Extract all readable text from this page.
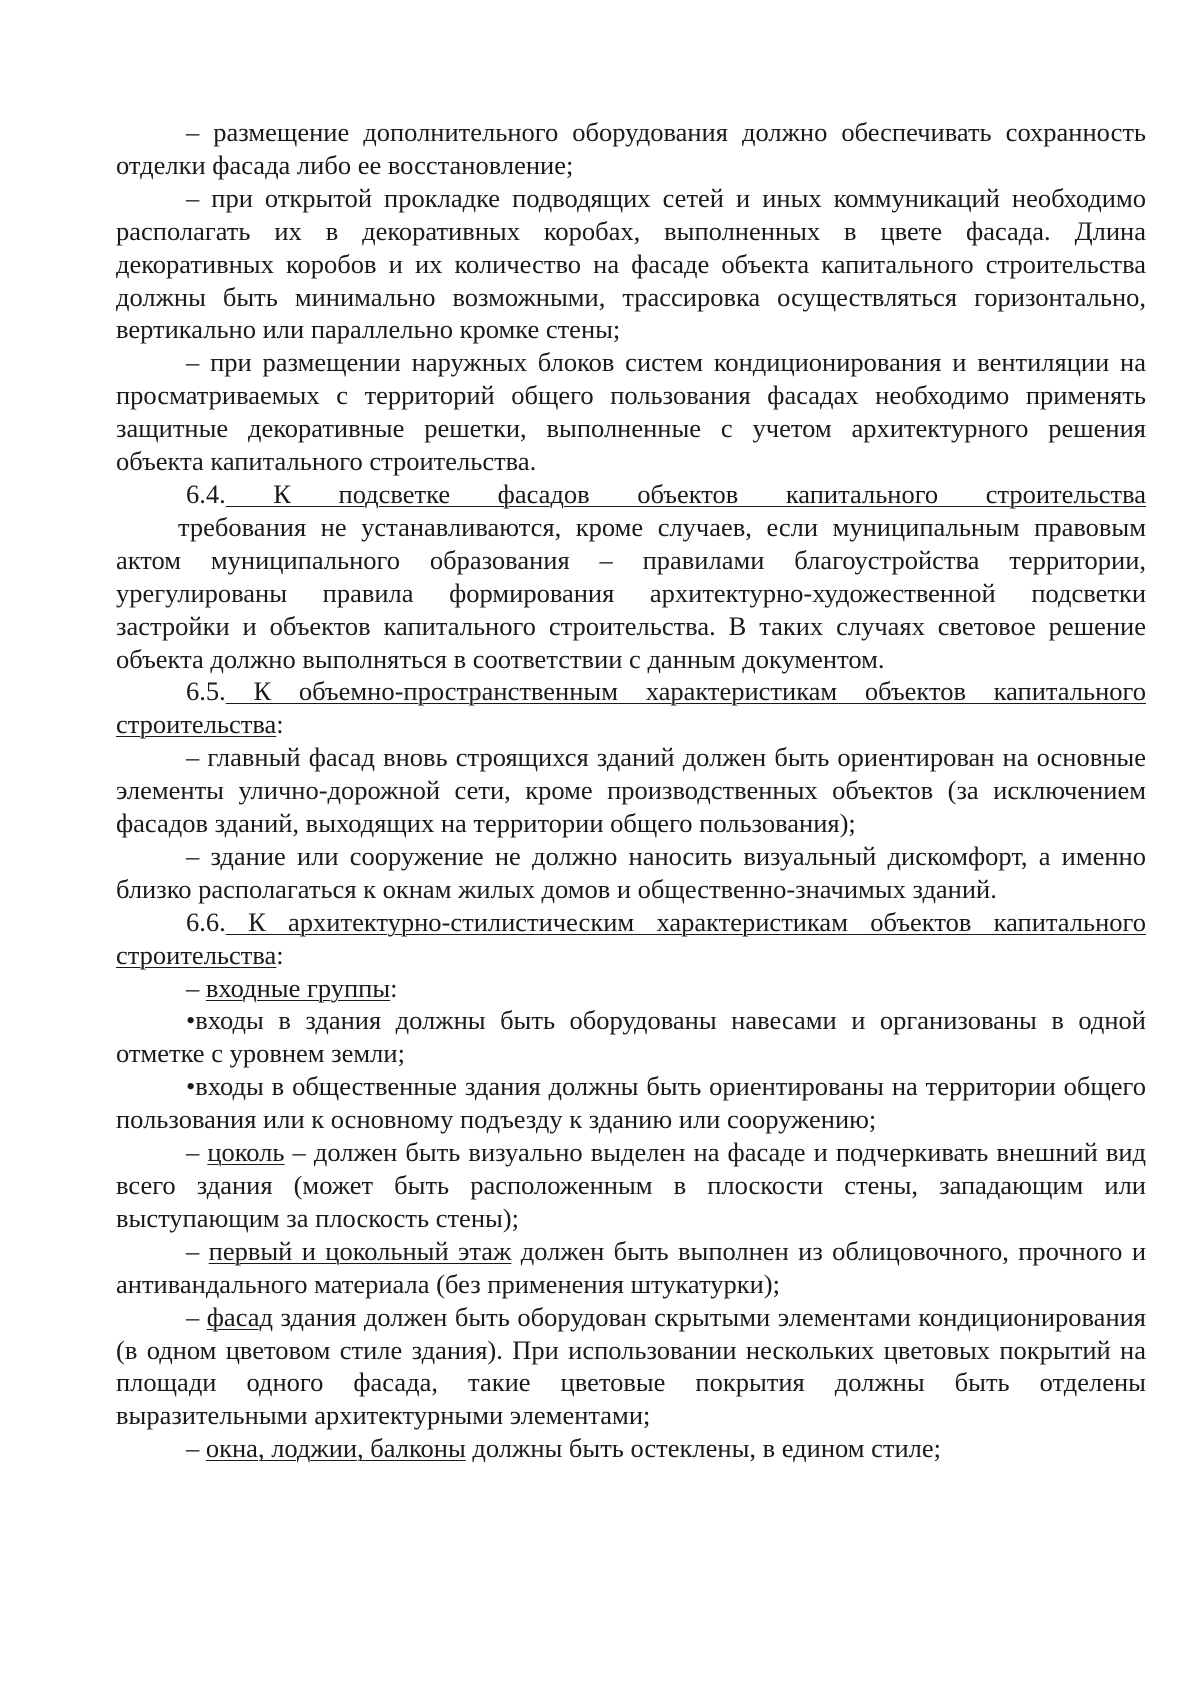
– размещение дополнительного оборудования должно обеспечивать сохранность отделки фасада либо ее восстановление;

– при открытой прокладке подводящих сетей и иных коммуникаций необходимо располагать их в декоративных коробах, выполненных в цвете фасада. Длина декоративных коробов и их количество на фасаде объекта капитального строительства должны быть минимально возможными, трассировка осуществляться горизонтально, вертикально или параллельно кромке стены;

– при размещении наружных блоков систем кондиционирования и вентиляции на просматриваемых с территорий общего пользования фасадах необходимо применять защитные декоративные решетки, выполненные с учетом архитектурного решения объекта капитального строительства.

6.4. К подсветке фасадов объектов капитального строительства

требования не устанавливаются, кроме случаев, если муниципальным правовым актом муниципального образования – правилами благоустройства территории, урегулированы правила формирования архитектурно-художественной подсветки застройки и объектов капитального строительства. В таких случаях световое решение объекта должно выполняться в соответствии с данным документом.

6.5. К объемно-пространственным характеристикам объектов капитального строительства:

– главный фасад вновь строящихся зданий должен быть ориентирован на основные элементы улично-дорожной сети, кроме производственных объектов (за исключением фасадов зданий, выходящих на территории общего пользования);

– здание или сооружение не должно наносить визуальный дискомфорт, а именно близко располагаться к окнам жилых домов и общественно-значимых зданий.

6.6. К архитектурно-стилистическим характеристикам объектов капитального строительства:

– входные группы:

•входы в здания должны быть оборудованы навесами и организованы в одной отметке с уровнем земли;

•входы в общественные здания должны быть ориентированы на территории общего пользования или к основному подъезду к зданию или сооружению;

– цоколь – должен быть визуально выделен на фасаде и подчеркивать внешний вид всего здания (может быть расположенным в плоскости стены, западающим или выступающим за плоскость стены);

– первый и цокольный этаж должен быть выполнен из облицовочного, прочного и антивандального материала (без применения штукатурки);

– фасад здания должен быть оборудован скрытыми элементами кондиционирования (в одном цветовом стиле здания). При использовании нескольких цветовых покрытий на площади одного фасада, такие цветовые покрытия должны быть отделены выразительными архитектурными элементами;

– окна, лоджии, балконы должны быть остеклены, в едином стиле;
